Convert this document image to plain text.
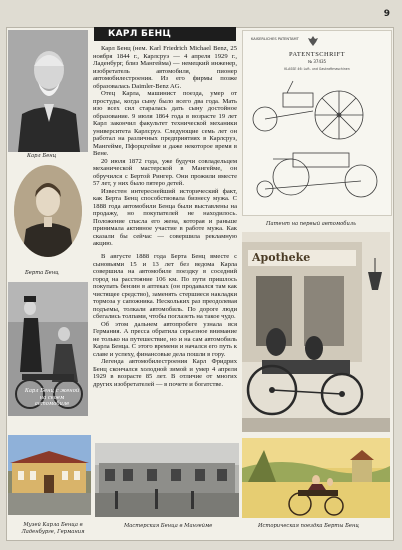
9
Карл Бенц
Берта Бенц
Карл Бенц с женой на своем автомобиле
Музей Карла Бенца в Ладенбурге, Германия
КАРЛ БЕНЦ

Карл Бенц (нем. Karl Friedrich Michael Benz, 25 ноября 1844 г., Карлсруэ — 4 апреля 1929 г., Ладенбург, близ Мангейма) — немецкий инженер, изобретатель автомобиля, пионер автомобилестроения. Из его фирмы позже образовалась Daimler-Benz AG.

Отец Карла, машинист поезда, умер от простуды, когда сыну было всего два года. Мать изо всех сил старалась дать сыну достойное образование. 9 июля 1864 года в возрасте 19 лет Карл закончил факультет технической механики университета Карлсруэ. Следующие семь лет он работал на различных предприятиях в Карлсруэ, Мангейме, Пфорцгейме и даже некоторое время в Вене.

20 июля 1872 года, уже будучи совладельцем механической мастерской в Мангейме, он обручился с Бертой Рингер. Они прожили вместе 57 лет, у них было пятеро детей.

Известен интереснейший исторический факт, как Берта Бенц способствовала бизнесу мужа. С 1888 года автомобили Бенца были выставлены на продажу, но покупателей не находилось. Положение спасла его жена, которая и раньше принимала активное участие в работе мужа. Как сказали бы сейчас — совершила рекламную акцию.

В августе 1888 года Берта Бенц вместе с сыновьями 15 и 13 лет без ведома Карла совершила на автомобиле поездку в соседний город на расстояние 106 км. По пути пришлось покупать бензин в аптеках (он продавался там как чистящее средство), заменять стершиеся накладки тормоза у сапожника. Нескольких раз преодолевая подъемы, толкали автомобиль. По дороге люди сбегались толпами, чтобы поглазеть на такое чудо.

Об этом дальнем автопробеге узнала вся Германия. А пресса обратила серьезное внимание не только на путешествие, но и на сам автомобиль Карла Бенца. С этого времени и начался его путь к славе и успеху, финансовые дела пошли в гору.

Легенда автомобилестроения Карл Фридрих Бенц скончался холодной зимой и умер 4 апреля 1929 в возрасте 85 лет. В отличие от многих других изобретателей — в почете и богатстве.

KAISERLICHES PATENTAMT
PATENTSCHRIFT
№ 37435
KLASSE 46: Luft- und Gaskraftmaschinen
Патент на первый автомобиль
Apotheke
Мастерская Бенца в Мангейме	Историческая поездка Берты Бенц
